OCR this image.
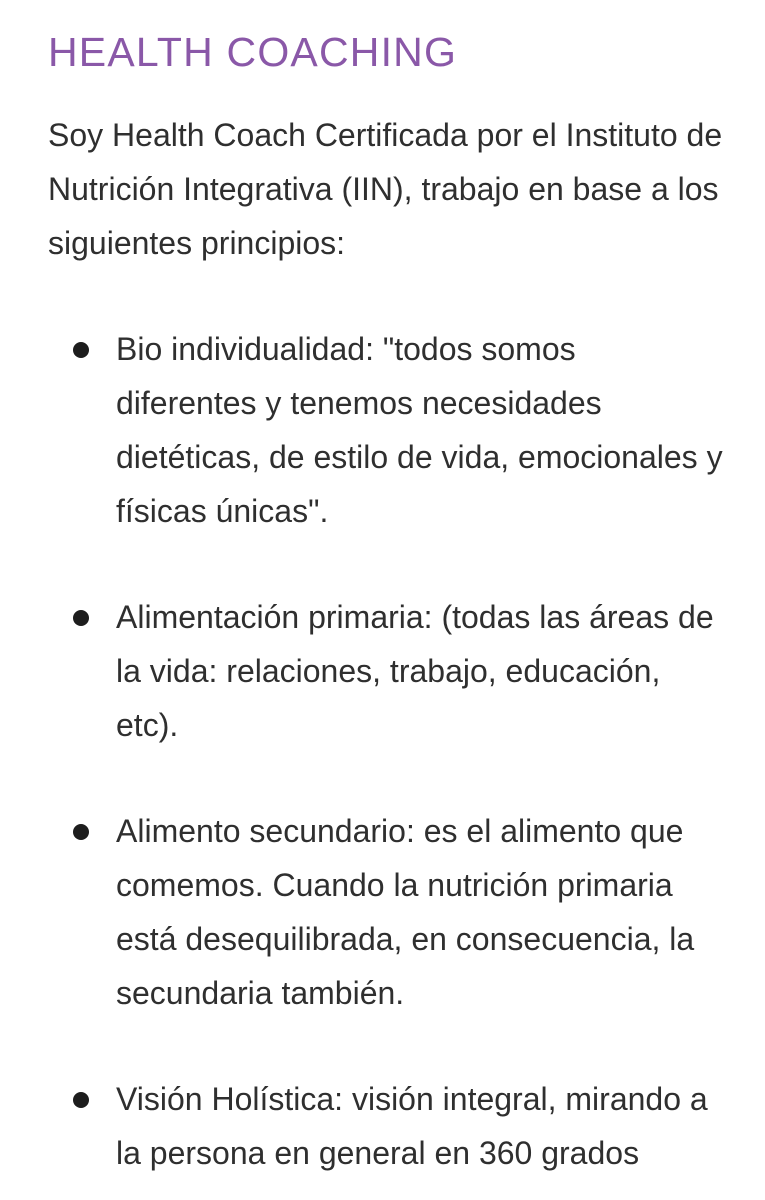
HEALTH COACHING

Soy Health Coach Certificada por el Instituto de Nutrición Integrativa (IIN), trabajo en base a los siguientes principios:

Bio individualidad: "todos somos diferentes y tenemos necesidades dietéticas, de estilo de vida, emocionales y físicas únicas".
Alimentación primaria: (todas las áreas de la vida: relaciones, trabajo, educación, etc).
Alimento secundario: es el alimento que comemos. Cuando la nutrición primaria está desequilibrada, en consecuencia, la secundaria también.
Visión Holística: visión integral, mirando a la persona en general en 360 grados
